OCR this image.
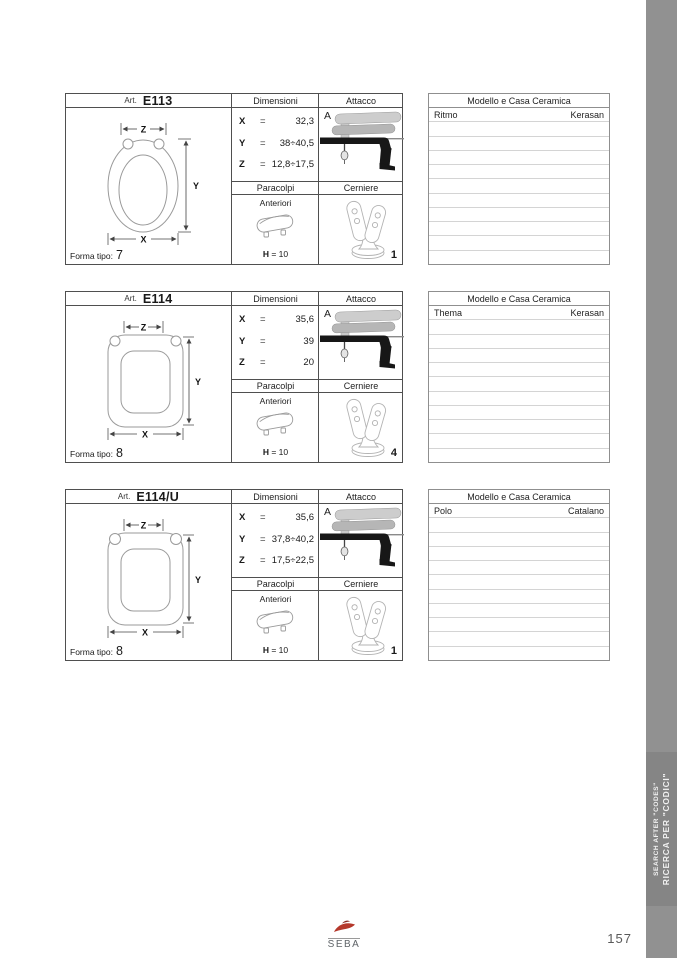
Art. E113	Dimensioni	Attacco
Z
Y
X
Forma tipo: 7
X =	32,3
Y = 38÷40,5
Z = 12,8÷17,5
Paracolpi	Cerniere
Anteriori
H = 10
A
1
Modello e Casa Ceramica
Ritmo	Kerasan
Art. E114	Dimensioni	Attacco
Z
Y
X
Forma tipo: 8
X =	35,6
Y =	39
Z =	20
Paracolpi	Cerniere
Anteriori
H = 10
A
4
Modello e Casa Ceramica
Thema	Kerasan
Art. E114/U	Dimensioni	Attacco
Z
Y
X
Forma tipo: 8
X =	35,6
Y = 37,8÷40,2
Z = 17,5÷22,5
Paracolpi	Cerniere
Anteriori
H = 10
A
1
Modello e Casa Ceramica
Polo	Catalano
SEARCH AFTER "CODES" RICERCA PER "CODICI"
SEBA	157
